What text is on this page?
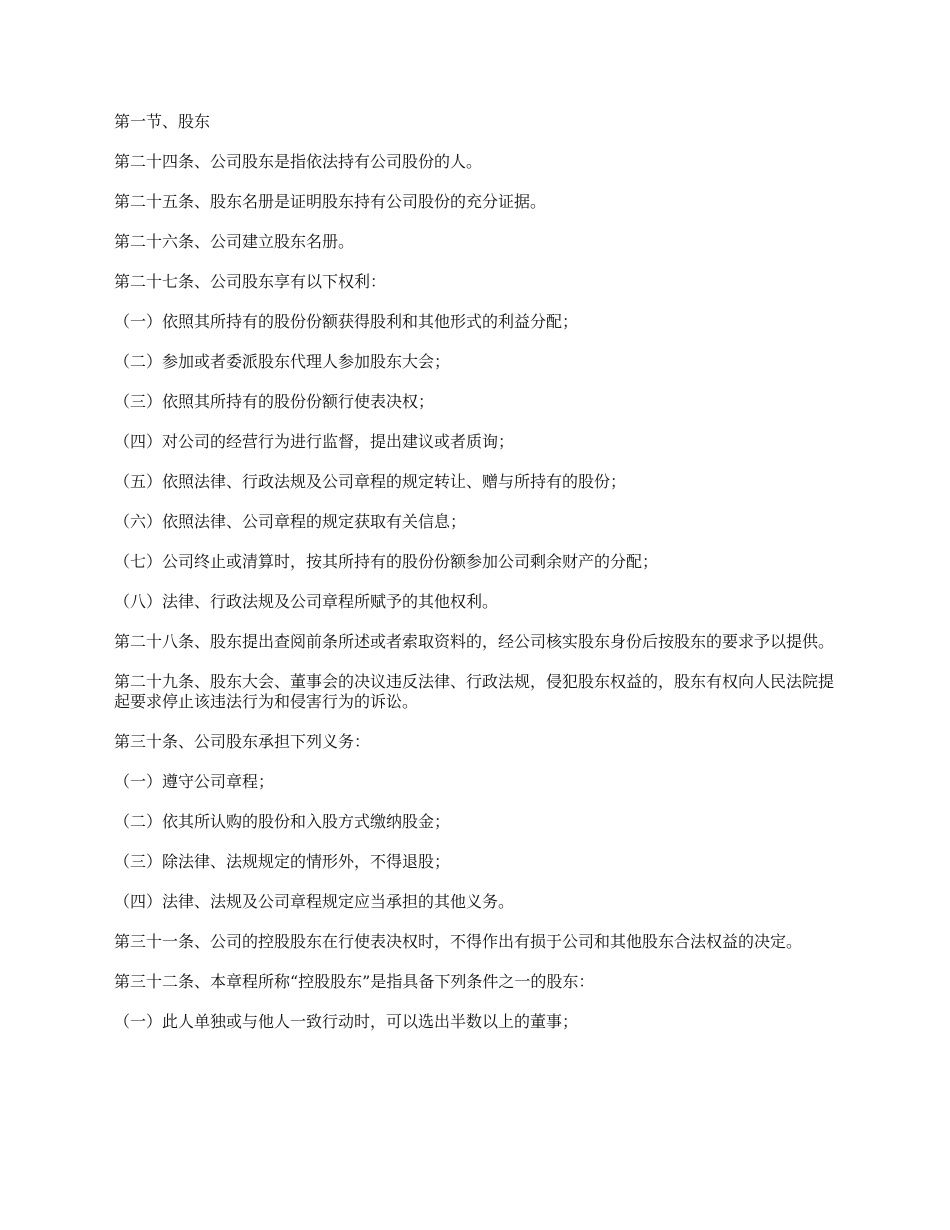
第一节、股东

第二十四条、公司股东是指依法持有公司股份的人。

第二十五条、股东名册是证明股东持有公司股份的充分证据。

第二十六条、公司建立股东名册。

第二十七条、公司股东享有以下权利：

（一）依照其所持有的股份份额获得股利和其他形式的利益分配；

（二）参加或者委派股东代理人参加股东大会；

（三）依照其所持有的股份份额行使表决权；

（四）对公司的经营行为进行监督，提出建议或者质询；

（五）依照法律、行政法规及公司章程的规定转让、赠与所持有的股份；

（六）依照法律、公司章程的规定获取有关信息；

（七）公司终止或清算时，按其所持有的股份份额参加公司剩余财产的分配；

（八）法律、行政法规及公司章程所赋予的其他权利。

第二十八条、股东提出查阅前条所述或者索取资料的，经公司核实股东身份后按股东的要求予以提供。

第二十九条、股东大会、董事会的决议违反法律、行政法规，侵犯股东权益的，股东有权向人民法院提起要求停止该违法行为和侵害行为的诉讼。

第三十条、公司股东承担下列义务：

（一）遵守公司章程；

（二）依其所认购的股份和入股方式缴纳股金；

（三）除法律、法规规定的情形外，不得退股；

（四）法律、法规及公司章程规定应当承担的其他义务。

第三十一条、公司的控股股东在行使表决权时，不得作出有损于公司和其他股东合法权益的决定。

第三十二条、本章程所称“控股股东”是指具备下列条件之一的股东：

（一）此人单独或与他人一致行动时，可以选出半数以上的董事；
